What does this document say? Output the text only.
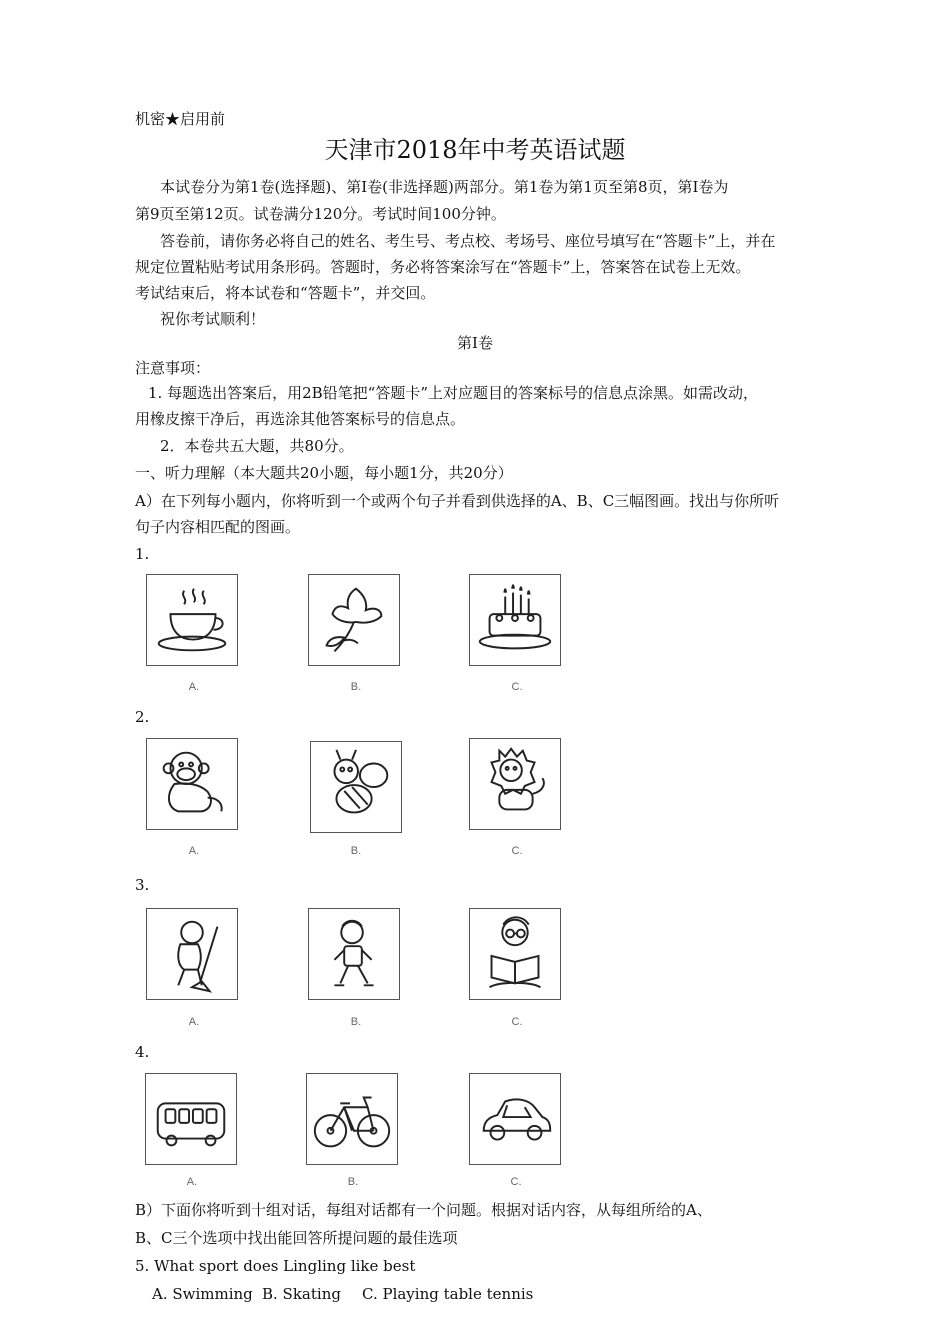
机密★启用前
天津市2018年中考英语试题
本试卷分为第1卷(选择题)、第I卷(非选择题)两部分。第1卷为第1页至第8页，第I卷为
第9页至第12页。试卷满分120分。考试时间100分钟。
答卷前，请你务必将自己的姓名、考生号、考点校、考场号、座位号填写在“答题卡”上，并在
规定位置粘贴考试用条形码。答题时，务必将答案涂写在“答题卡”上，答案答在试卷上无效。
考试结束后，将本试卷和“答题卡”，并交回。
祝你考试顺利！
第Ⅰ卷
注意事项：
1. 每题选出答案后，用2B铅笔把“答题卡”上对应题目的答案标号的信息点涂黑。如需改动，
用橡皮擦干净后，再选涂其他答案标号的信息点。
2．本卷共五大题，共80分。
一、听力理解（本大题共20小题，每小题1分，共20分）
A）在下列每小题内，你将听到一个或两个句子并看到供选择的A、B、C三幅图画。找出与你所听
句子内容相匹配的图画。
1.
A.	B.	C.
2.
A.	B.	C.
3.
A.	B.	C.
4.
A.	B.	C.
B）下面你将听到十组对话，每组对话都有一个问题。根据对话内容，从每组所给的A、
B、C三个选项中找出能回答所提问题的最佳选项
5. What sport does Lingling like best
A. Swimming B. Skating C. Playing table tennis
